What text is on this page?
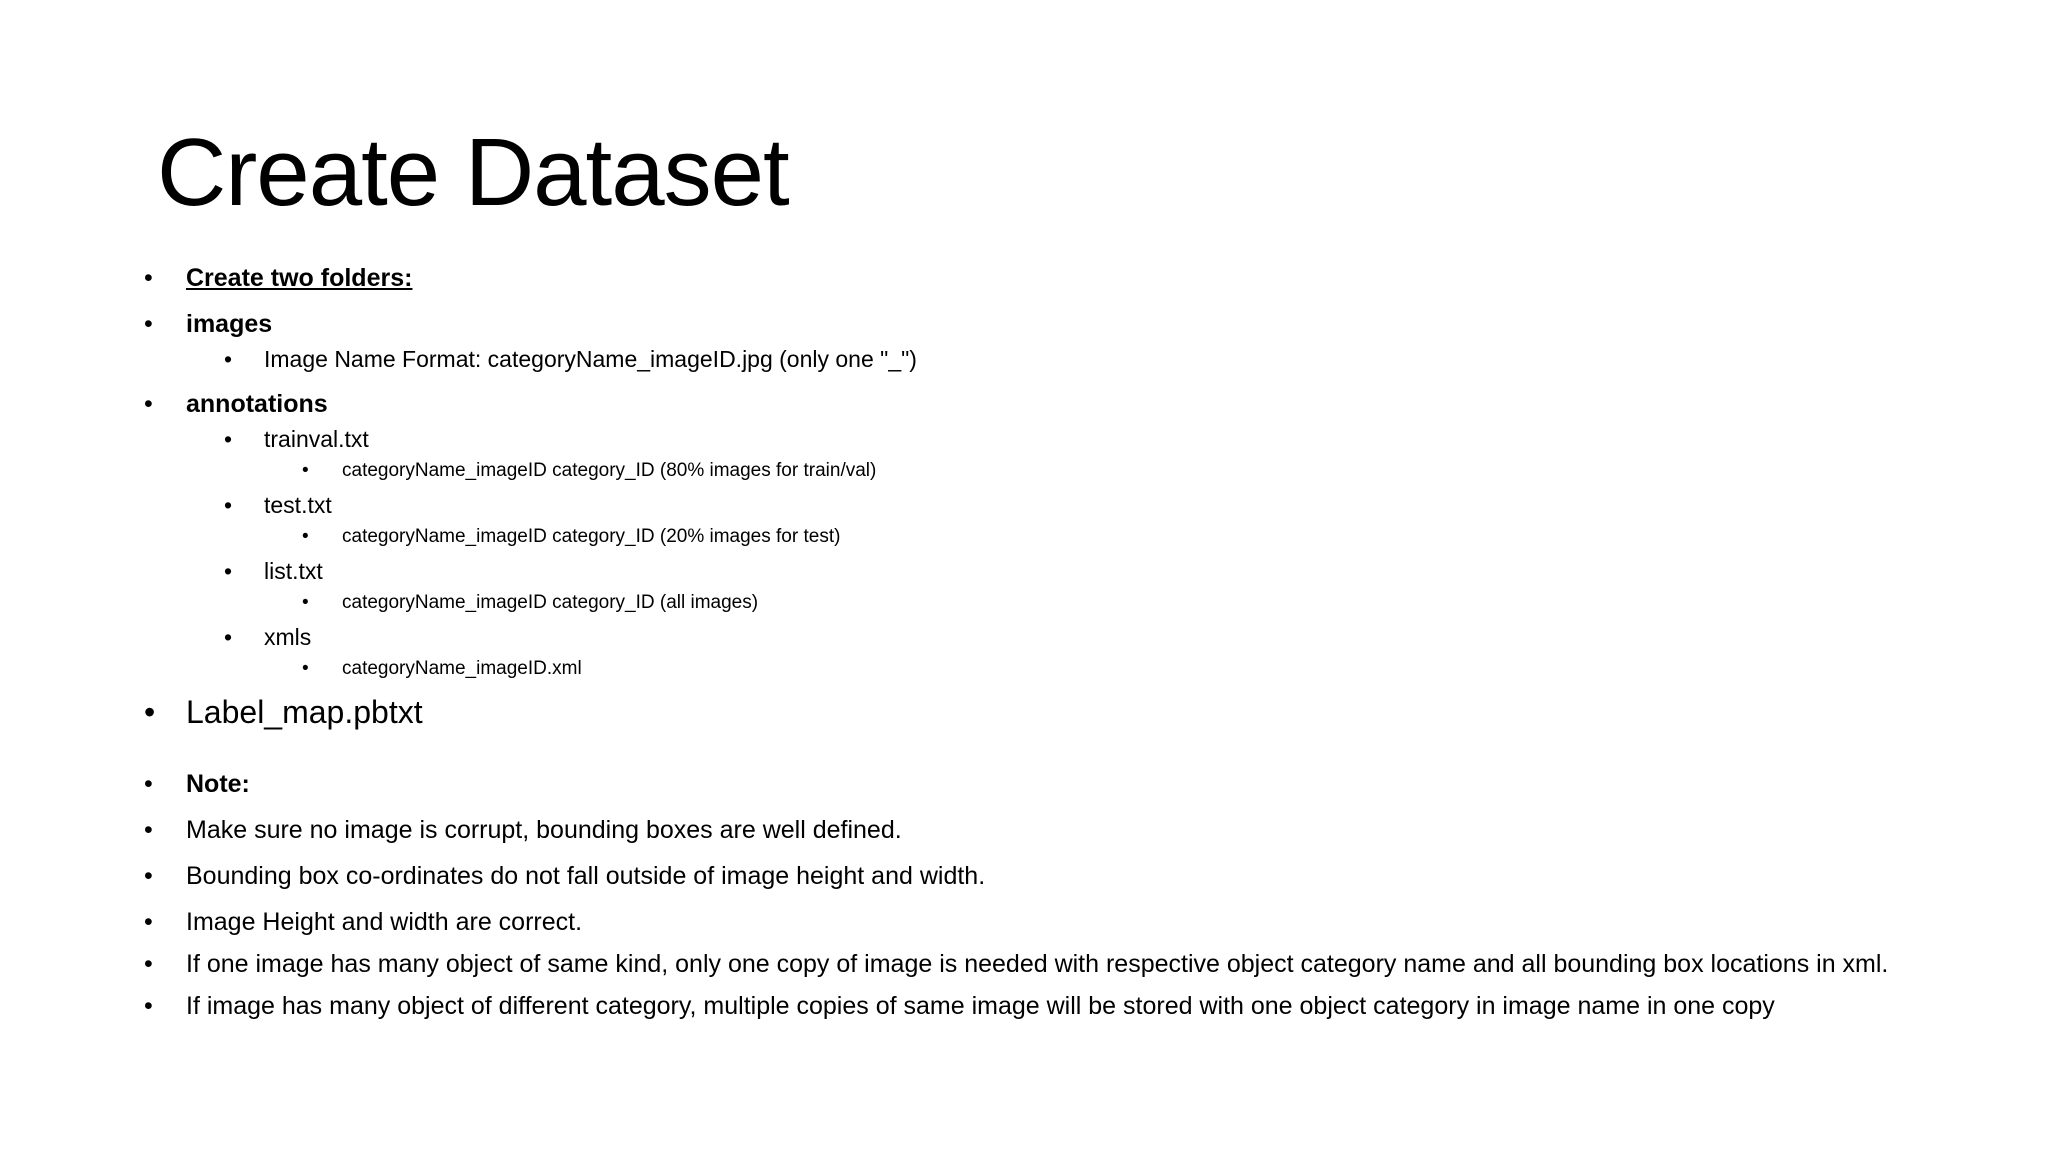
Create Dataset
•	Create two folders:
•	images
•	Image Name Format: categoryName_imageID.jpg (only one "_")
•	annotations
•	trainval.txt
•	categoryName_imageID category_ID (80% images for train/val)
•	test.txt
•	categoryName_imageID category_ID (20% images for test)
•	list.txt
•	categoryName_imageID category_ID (all images)
•	xmls
•	categoryName_imageID.xml
• Label_map.pbtxt
•	Note:
•	Make sure no image is corrupt, bounding boxes are well defined.
•	Bounding box co-ordinates do not fall outside of image height and width.
•	Image Height and width are correct.
•	If one image has many object of same kind, only one copy of image is needed with respective object category name and all bounding box locations in xml.
•	If image has many object of different category, multiple copies of same image will be stored with one object category in image name in one copy
